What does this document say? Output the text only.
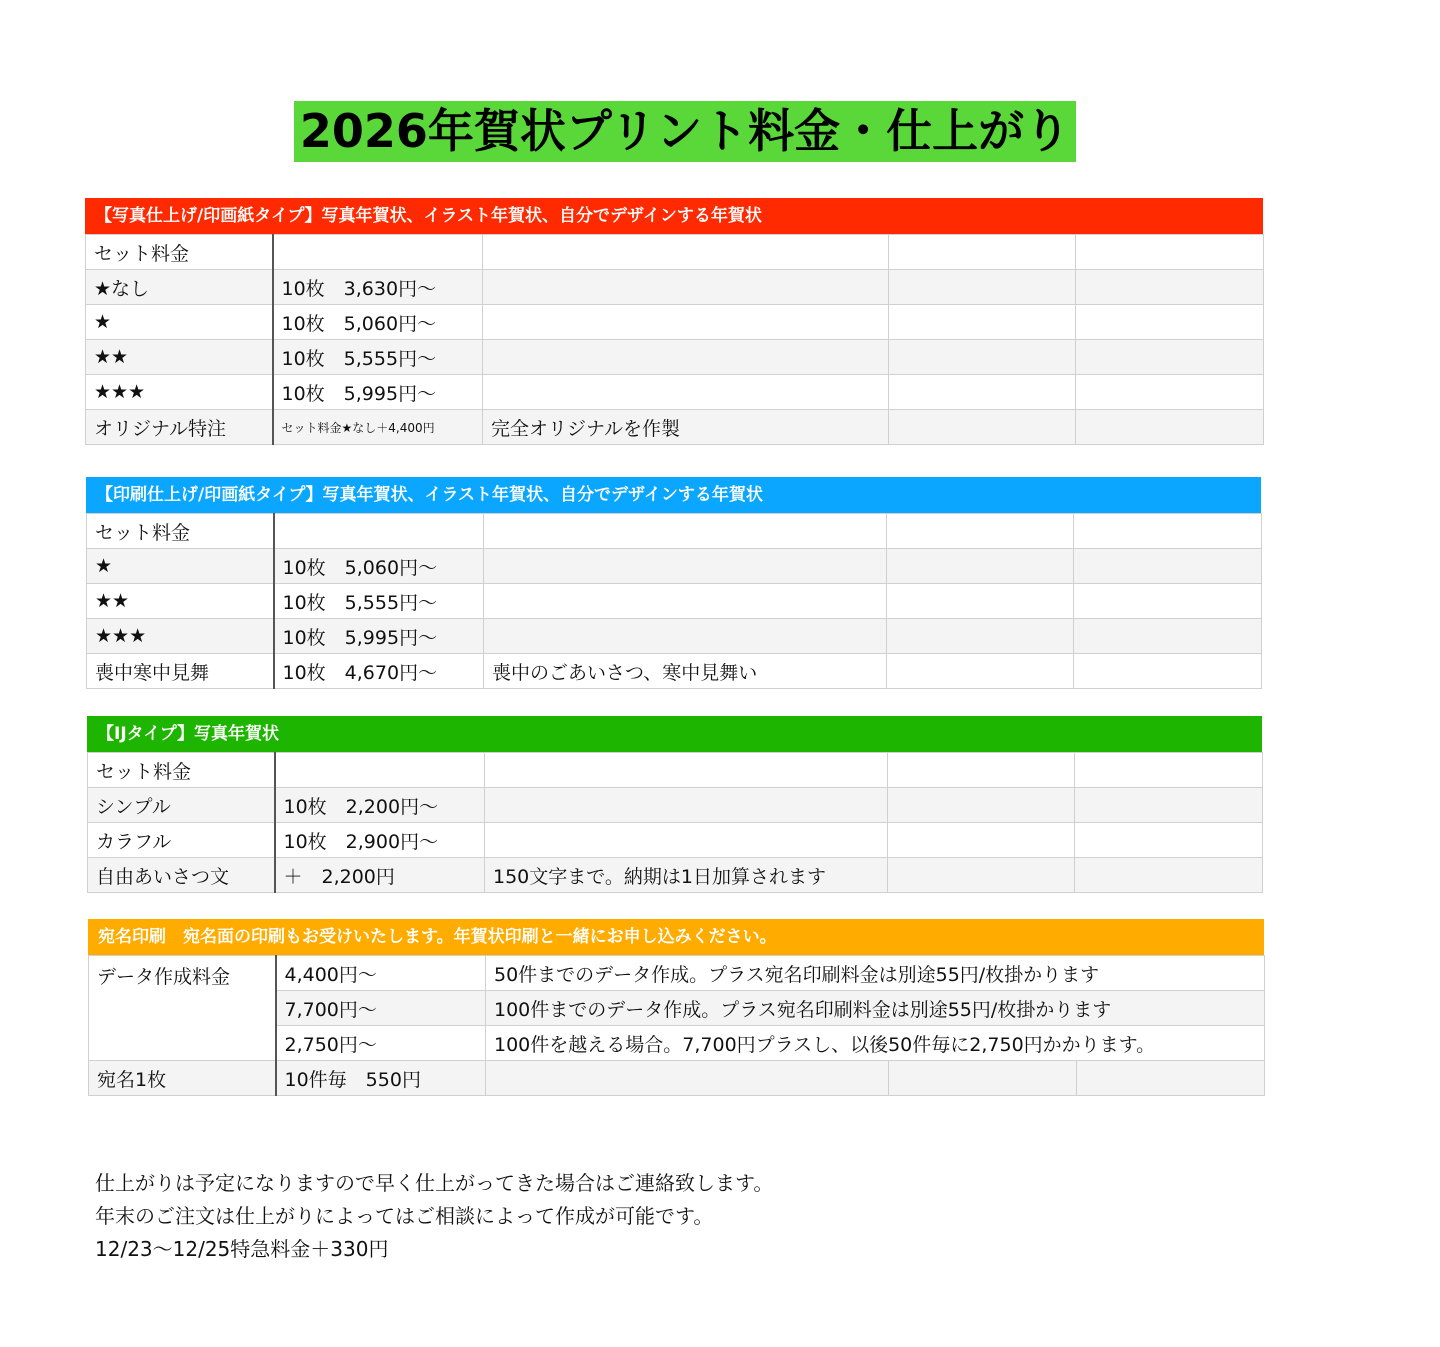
2026年賀状プリント料金・仕上がり
【写真仕上げ/印画紙タイプ】写真年賀状、イラスト年賀状、自分でデザインする年賀状
セット料金				
★なし	10枚　3,630円〜			
★	10枚　5,060円〜			
★★	10枚　5,555円〜			
★★★	10枚　5,995円〜			
オリジナル特注	セット料金★なし＋4,400円	完全オリジナルを作製		
【印刷仕上げ/印画紙タイプ】写真年賀状、イラスト年賀状、自分でデザインする年賀状
セット料金				
★	10枚　5,060円〜			
★★	10枚　5,555円〜			
★★★	10枚　5,995円〜			
喪中寒中見舞	10枚　4,670円〜	喪中のごあいさつ、寒中見舞い		
【IJタイプ】写真年賀状
セット料金				
シンプル	10枚　2,200円〜			
カラフル	10枚　2,900円〜			
自由あいさつ文	＋　2,200円	150文字まで。納期は1日加算されます		
宛名印刷　宛名面の印刷もお受けいたします。年賀状印刷と一緒にお申し込みください。
データ作成料金	4,400円〜	50件までのデータ作成。プラス宛名印刷料金は別途55円/枚掛かります		
	7,700円〜	100件までのデータ作成。プラス宛名印刷料金は別途55円/枚掛かります		
	2,750円〜	100件を越える場合。7,700円プラスし、以後50件毎に2,750円かかります。		
宛名1枚	10件毎　550円			
仕上がりは予定になりますので早く仕上がってきた場合はご連絡致します。
年末のご注文は仕上がりによってはご相談によって作成が可能です。
12/23〜12/25特急料金＋330円
